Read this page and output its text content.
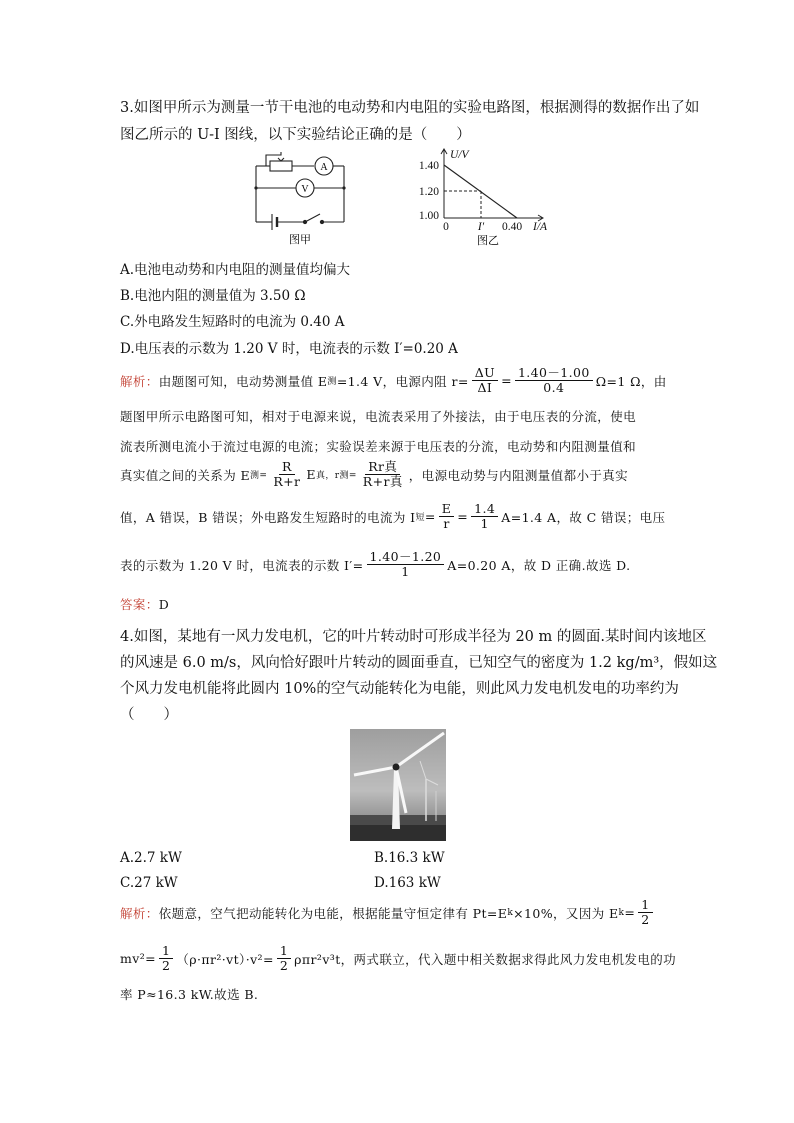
3.如图甲所示为测量一节干电池的电动势和内电阻的实验电路图，根据测得的数据作出了如
图乙所示的 U-I 图线，以下实验结论正确的是（　　）
A
V
图甲
U/V
1.40
1.20
1.00
0	I′ 0.40 I/A
图乙
A.电池电动势和内电阻的测量值均偏大
B.电池内阻的测量值为 3.50 Ω
C.外电路发生短路时的电流为 0.40 A
D.电压表的示数为 1.20 V 时，电流表的示数 I′=0.20 A
解析： 由题图可知，电动势测量值 E 测 =1.4 V，电源内阻 $r= \frac{\Delta U}{\Delta I} = \frac{1.40-1.00}{0.4} \Omega=1$ Ω，由
题图甲所示电路图可知，相对于电源来说，电流表采用了外接法，由于电压表的分流，使电
流表所测电流小于流过电源的电流；实验误差来源于电压表的分流，电动势和内阻测量值和
真实值之间的关系为 E 测= $\frac{R}{R+r}$ E 真，r 测= $\frac{\text{Rr真}}{\text{R+r真}}$ ，电源电动势与内阻测量值都小于真实
值，A 错误，B 错误；外电路发生短路时的电流为 I 短 = $\frac{E}{r} = \frac{1.4}{1} A=1.4$ A，故 C 错误；电压
表的示数为 1.20 V 时，电流表的示数 $I'= \frac{1.40-1.20}{1} A=0.20$ A，故 D 正确.故选 D.
答案：D
4.如图，某地有一风力发电机，它的叶片转动时可形成半径为 20 m 的圆面.某时间内该地区
的风速是 6.0 m/s，风向恰好跟叶片转动的圆面垂直，已知空气的密度为 1.2 kg/m³，假如这
个风力发电机能将此圆内 10%的空气动能转化为电能，则此风力发电机发电的功率约为
（　　）
A.2.7 kW	B.16.3 kW
C.27 kW	D.163 kW
解析： 依题意，空气把动能转化为电能，根据能量守恒定律有 Pt=E k ×10%，又因为 E $k = \frac{1}{2}$
$mv^2= \frac{1}{2} (\rho\cdot\pi r^2\cdot vt)\cdot v^2= \frac{1}{2} \rho\pi r^2v^3t$，两式联立，代入题中相关数据求得此风力发电机发电的功
率 P≈16.3 kW.故选 B.
